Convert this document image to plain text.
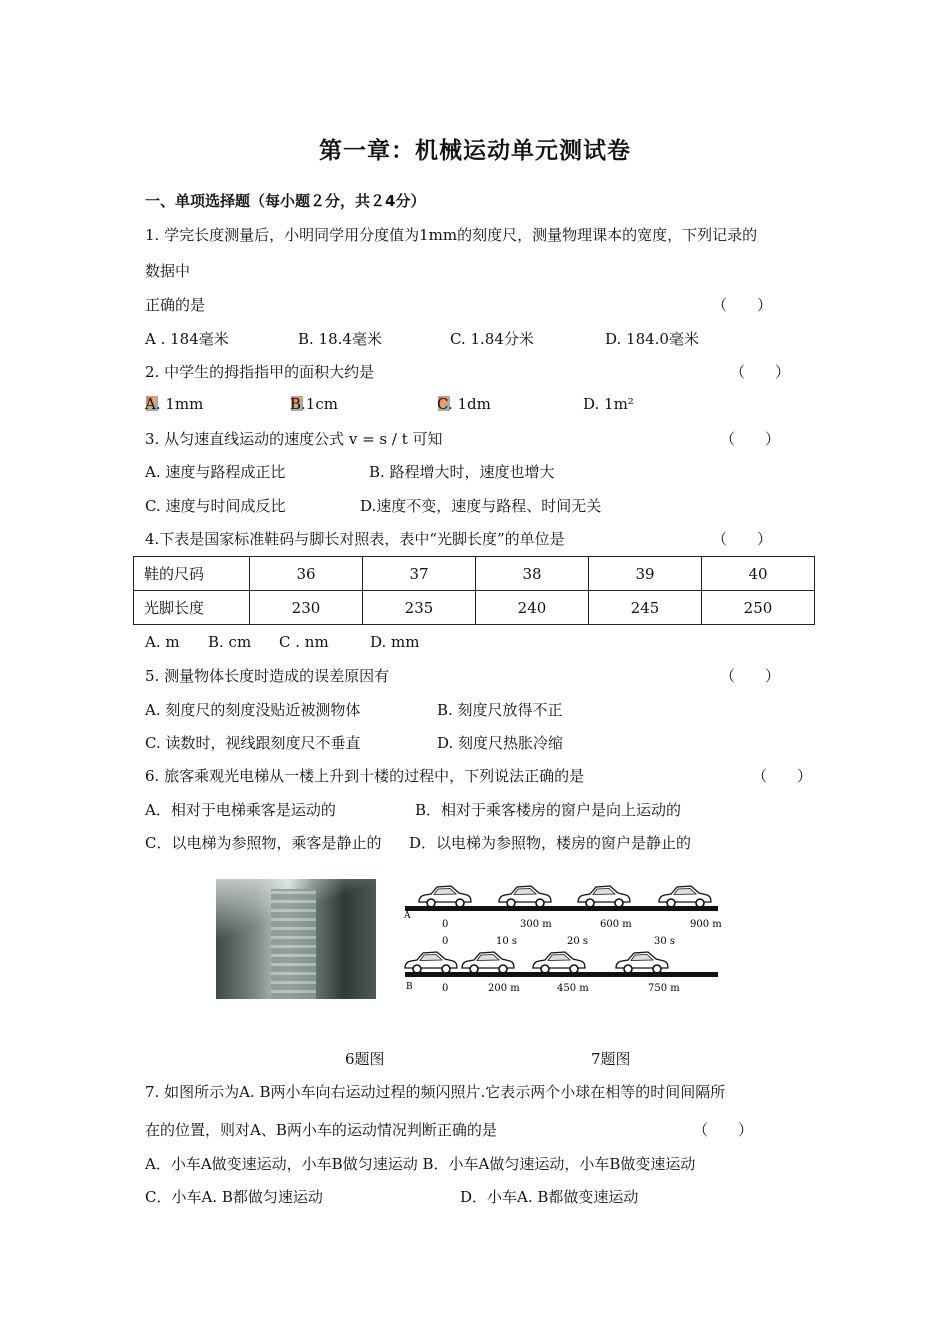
第一章：机械运动单元测试卷
一、单项选择题（每小题２分，共２4分）
1. 学完长度测量后，小明同学用分度值为1mm的刻度尺，测量物理课本的宽度，下列记录的
数据中
正确的是	（　　）
A . 184毫米	B. 18.4毫米	C. 1.84分米	D. 184.0毫米
2. 中学生的拇指指甲的面积大约是	（　　）
A. 1mm	B.1cm	C. 1dm	D. 1m²
3. 从匀速直线运动的速度公式 v = s / t 可知	（　　）
A. 速度与路程成正比	B. 路程增大时，速度也增大
C. 速度与时间成反比	D.速度不变，速度与路程、时间无关
4.下表是国家标准鞋码与脚长对照表，表中“光脚长度”的单位是	（　　）
鞋的尺码	36	37	38	39	40
光脚长度	230	235	240	245	250
A. m B. cm C . nm	D. mm
5. 测量物体长度时造成的误差原因有	（　　）
A. 刻度尺的刻度没贴近被测物体	B. 刻度尺放得不正
C. 读数时，视线跟刻度尺不垂直	D. 刻度尺热胀冷缩
6. 旅客乘观光电梯从一楼上升到十楼的过程中，下列说法正确的是	（　　）
A．相对于电梯乘客是运动的	B．相对于乘客楼房的窗户是向上运动的
C．以电梯为参照物，乘客是静止的 D．以电梯为参照物，楼房的窗户是静止的
A
0	300 m	600 m	900 m
0	10 s	20 s	30 s
B	0	200 m	450 m	750 m
6题图	7题图
7. 如图所示为A. B两小车向右运动过程的频闪照片.它表示两个小球在相等的时间间隔所
在的位置，则对A、B两小车的运动情况判断正确的是	（　　）
A．小车A做变速运动，小车B做匀速运动 B．小车A做匀速运动，小车B做变速运动
C．小车A. B都做匀速运动	D．小车A. B都做变速运动
